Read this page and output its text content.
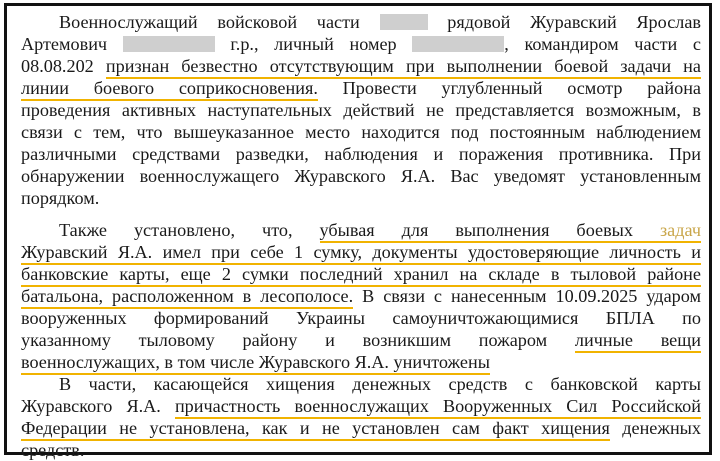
Военнослужащий войсковой части	рядовой Журавский Ярослав
Артемович	г.р., личный номер	, командиром части с
08.08.202 признан безвестно отсутствующим при выполнении боевой задачи на
линии боевого соприкосновения. Провести углубленный осмотр района
проведения активных наступательных действий не представляется возможным, в
связи с тем, что вышеуказанное место находится под постоянным наблюдением
различными средствами разведки, наблюдения и поражения противника. При
обнаружении военнослужащего Журавского Я.А. Вас уведомят установленным
порядком.
Также установлено, что, убывая для выполнения боевых задач
Журавский Я.А. имел при себе 1 сумку, документы удостоверяющие личность и
банковские карты, еще 2 сумки последний хранил на складе в тыловой районе
батальона, расположенном в лесополосе. В связи с нанесенным 10.09.2025 ударом
вооруженных формирований Украины самоуничтожающимися БПЛА по
указанному тыловому району и возникшим пожаром личные вещи
военнослужащих, в том числе Журавского Я.А. уничтожены
В части, касающейся хищения денежных средств с банковской карты
Журавского Я.А. причастность военнослужащих Вооруженных Сил Российской
Федерации не установлена, как и не установлен сам факт хищения денежных
средств.
